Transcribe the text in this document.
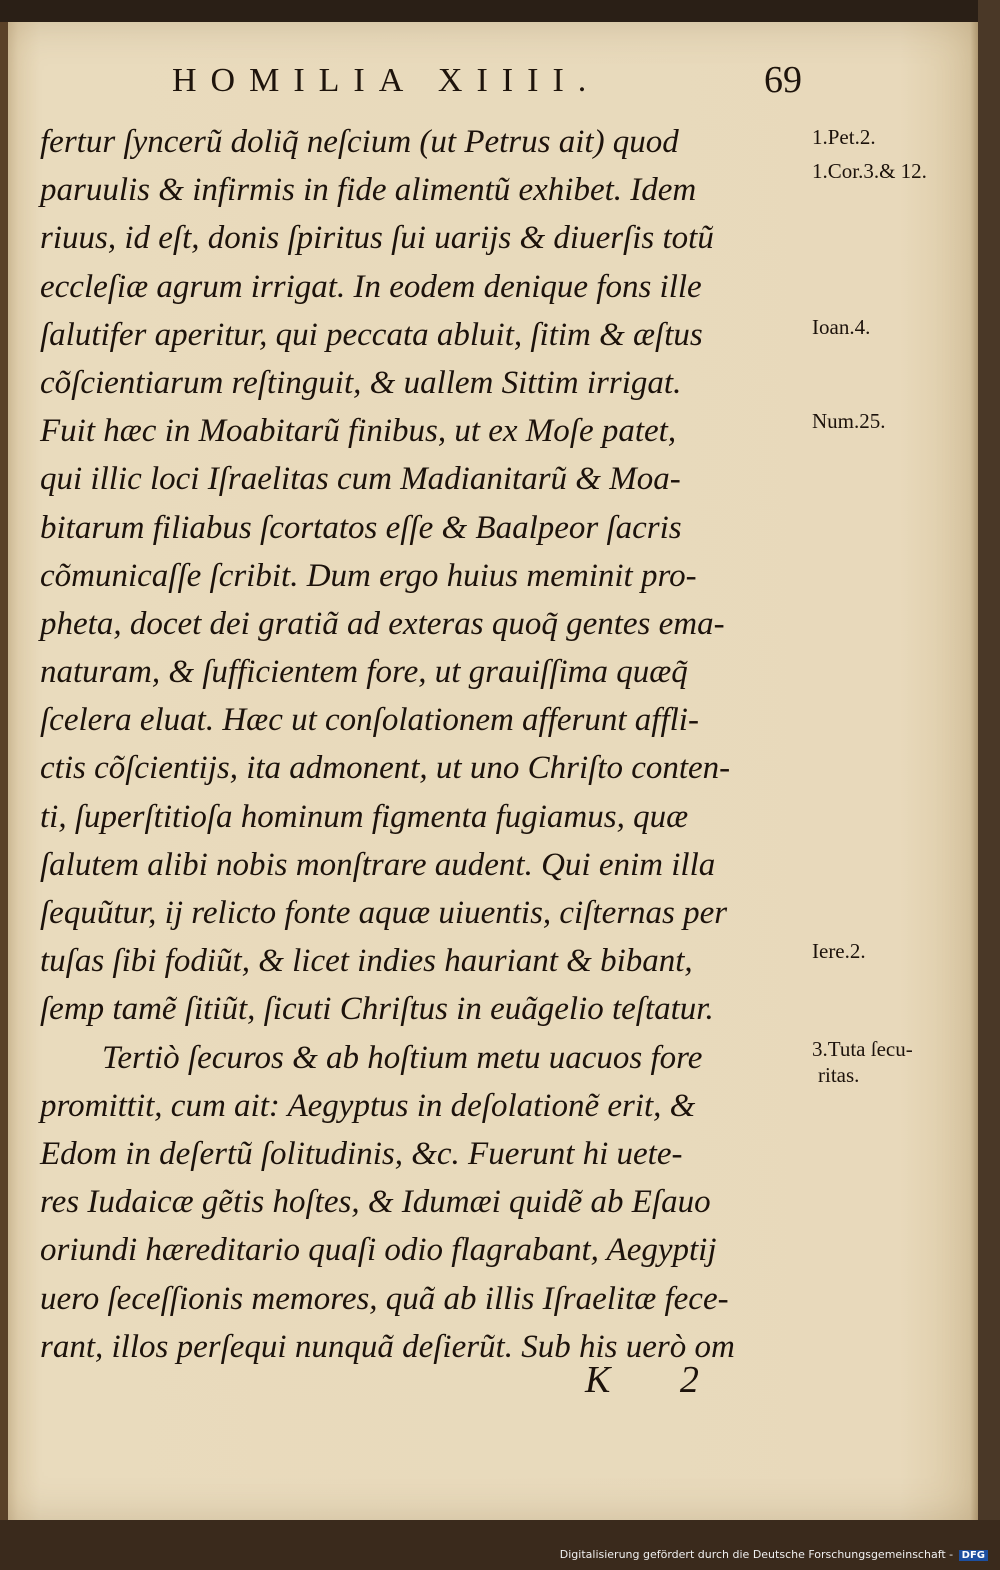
HOMILIA XIIII.	69
fertur ſyncerũ doliq̃ neſcium (ut Petrus ait) quod
paruulis & infirmis in fide alimentũ exhibet. Idem
riuus, id eſt, donis ſpiritus ſui uarijs & diuerſis totũ
eccleſiæ agrum irrigat. In eodem denique fons ille
ſalutifer aperitur, qui peccata abluit, ſitim & æſtus
cõſcientiarum reſtinguit, & uallem Sittim irrigat.
Fuit hæc in Moabitarũ finibus, ut ex Moſe patet,
qui illic loci Iſraelitas cum Madianitarũ & Moa-
bitarum filiabus ſcortatos eſſe & Baalpeor ſacris
cõmunicaſſe ſcribit. Dum ergo huius meminit pro-
pheta, docet dei gratiã ad exteras quoq̃ gentes ema-
naturam, & ſufficientem fore, ut grauiſſima quæq̃
ſcelera eluat. Hæc ut conſolationem afferunt affli-
ctis cõſcientijs, ita admonent, ut uno Chriſto conten-
ti, ſuperſtitioſa hominum figmenta fugiamus, quæ
ſalutem alibi nobis monſtrare audent. Qui enim illa
ſequũtur, ij relicto fonte aquæ uiuentis, ciſternas per
tuſas ſibi fodiũt, & licet indies hauriant & bibant,
ſemp tamẽ ſitiũt, ſicuti Chriſtus in euãgelio teſtatur.
Tertiò ſecuros & ab hoſtium metu uacuos fore
promittit, cum ait: Aegyptus in deſolationẽ erit, &
Edom in deſertũ ſolitudinis, &c. Fuerunt hi uete-
res Iudaicæ gẽtis hoſtes, & Idumæi quidẽ ab Eſauo
oriundi hæreditario quaſi odio flagrabant, Aegyptij
uero ſeceſſionis memores, quã ab illis Iſraelitæ fece-
rant, illos perſequi nunquã deſierũt. Sub his uerò om
1.Pet.2.
1.Cor.3.& 12.
Ioan.4.
Num.25.
Iere.2.
3.Tuta ſecu-
ritas.
K 2
Digitalisierung gefördert durch die Deutsche Forschungsgemeinschaft - DFG
